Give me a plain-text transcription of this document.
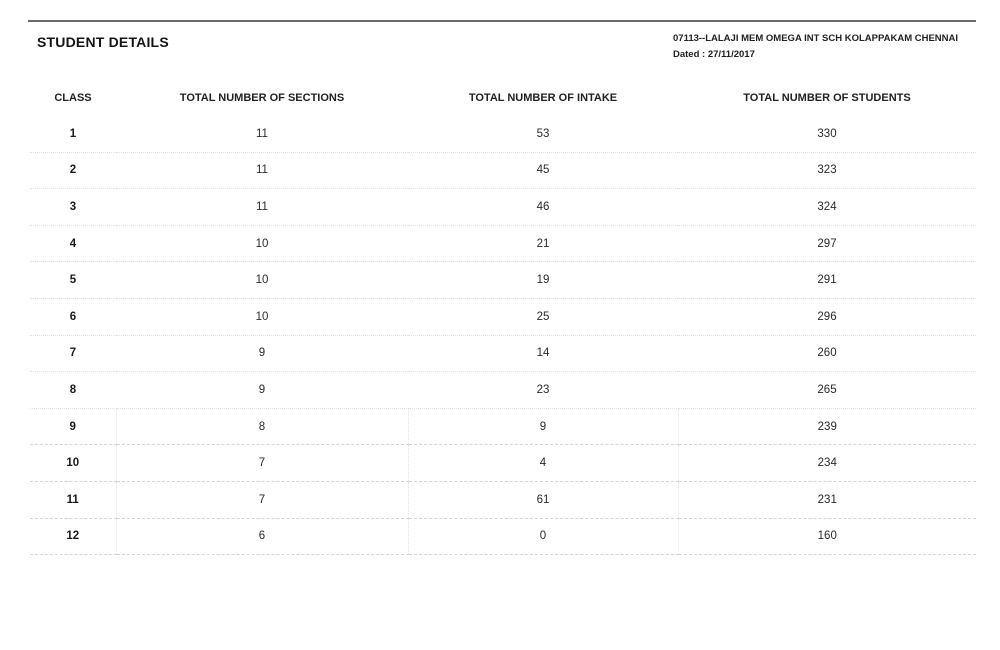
STUDENT DETAILS	07113--LALAJI MEM OMEGA INT SCH KOLAPPAKAM CHENNAI
Dated : 27/11/2017
CLASS	TOTAL NUMBER OF SECTIONS	TOTAL NUMBER OF INTAKE	TOTAL NUMBER OF STUDENTS
1	11	53	330
2	11	45	323
3	11	46	324
4	10	21	297
5	10	19	291
6	10	25	296
7	9	14	260
8	9	23	265
9	8	9	239
10	7	4	234
11	7	61	231
12	6	0	160
